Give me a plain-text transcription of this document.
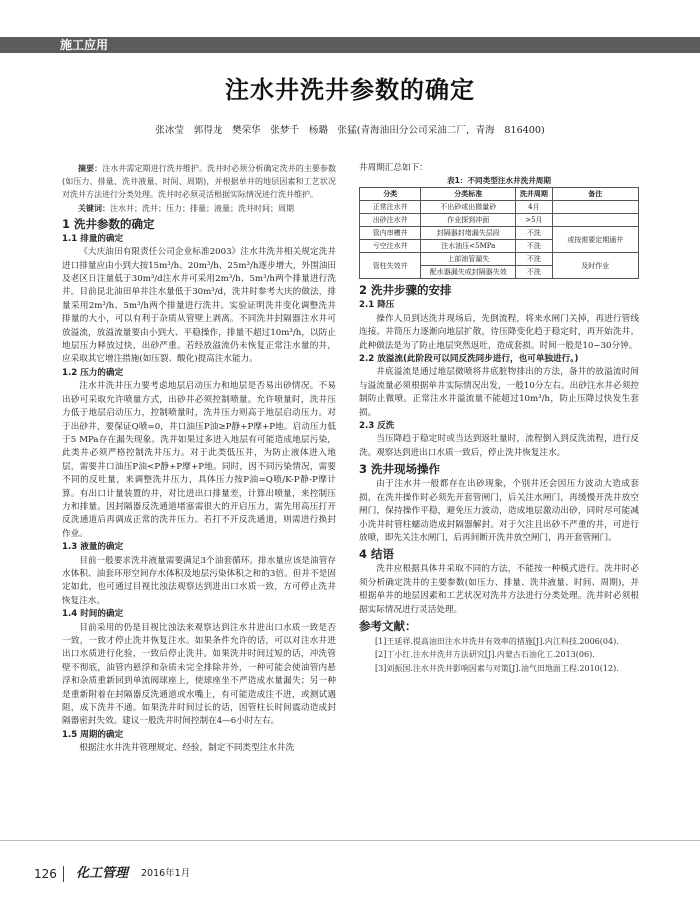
施工应用
注水井洗井参数的确定
张冰莹　郭得龙　樊荣华　张梦千　杨璐　张猛(青海油田分公司采油二厂，青海　816400)

摘要：注水井需定期进行洗井维护。洗井时必须分析确定洗井的主要参数(如压力、排量、洗井液量、时间、周期)，并根据单井的地层因素和工艺状况对洗井方法进行分类处理。洗井时必须灵活根据实际情况进行洗井维护。

关键词：注水井；洗井；压力；排量；液量；洗井时间；周期

1 洗井参数的确定
1.1 排量的确定

《大庆油田有限责任公司企业标准2003》注水井洗井相关规定洗井进口排量应由小到大按15m³/h、20m³/h、25m³/h逐步增大，外围油田及老区日注量低于30m³/d注水井可采用2m³/h、5m³/h两个排量进行洗井。目前昆北油田单井注水量低于30m³/d，洗井时参考大庆的做法，排量采用2m³/h、5m³/h两个排量进行洗井。实验证明洗井变化调整洗井排量的大小，可以有利于杂质从管壁上剥离。不同洗井封隔器注水井可放溢流，放溢流量要由小到大、平稳操作，排量不超过10m³/h，以防止地层压力释放过快，出砂严重。若经放溢流仍未恢复正常注水量的井，应采取其它增注措施(如压裂、酸化)提高注水能力。

1.2 压力的确定

注水井洗井压力要考虑地层启动压力和地层是否易出砂情况。不易出砂可采取允许喷量方式，出砂井必须控制喷量。允许喷量时，洗井压力低于地层启动压力，控制喷量时，洗井压力则高于地层启动压力。对于出砂井，要保证Q喷=0，井口油压P油≥P静+P摩+P地。启动压力低于5 MPa存在漏失现象。洗井如果过多进入地层有可能造成地层污染，此类井必须严格控制洗井压力。对于此类低压井，为防止液体进入地层，需要井口油压P油<P静+P摩+P地。同时，因不同污染情况，需要不同的反吐量，来调整洗井压力，具体压力按P油=Q喷/K-P静-P摩计算。有出口计量装置的井，对比进出口排量差，计算出喷量，来控制压力和排量。因封隔器反洗通道堵塞需很大的开启压力，需先用高压打开反洗通道后再调成正常的洗井压力。若打不开反洗通道，则需进行换封作业。

1.3 液量的确定

目前一般要求洗井液量需要满足3个油套循环。排水量应该是油管存水体积、油套环形空间存水体积及地层污染体积之和的3倍。但并不是固定如此，也可通过目视比浊法观察达到进出口水质一致，方可停止洗井恢复注水。

1.4 时间的确定

目前采用的仍是目视比浊法来观察达到注水井进出口水质一致是否一致，一致才停止洗井恢复注水。如果条件允许的话，可以对注水井进出口水质进行化验，一致后停止洗井。如果洗井时间过短的话，冲洗管壁不彻底，油管内悬浮和杂质未完全排除井外，一种可能会使油管内悬浮和杂质重新回到单流阀球座上，使球座坐不严造成水量漏失；另一种是重新附着在封隔器反洗通道或水嘴上，有可能造成注不进，或测试遇阻，成下洗井不通。如果洗井时间过长的话，因管柱长时间震动造成封隔器密封失效。建议一般洗井时间控制在4—6小时左右。

1.5 周期的确定

根据注水井洗井管理规定、经验，制定不同类型注水井洗

井周期汇总如下：

表1：不同类型注水井洗井周期
分类	分类标准	洗井周期	备注
正常注水井	不出砂或出微量砂	4月	
出砂注水井	作业探到冲面	>5月	
管内串槽井	封隔器封堵漏失层段	不洗	或按需要定期通井
亏空注水井	注水油压<5MPa	不洗	
管柱失效井	上部油管漏失	不洗	及时作业
	配水器漏失或封隔器失效	不洗	
2 洗井步骤的安排
2.1 降压

操作人员到达洗井现场后，先倒流程，将来水闸门关掉，再进行管线连接。井筒压力逐渐向地层扩散，待压降变化趋于稳定时，再开始洗井。此种做法是为了防止地层突然返吐，造成套损。时间一般是10~30分钟。

2.2 放溢流(此阶段可以同反洗同步进行，也可单独进行。)

井底溢流是通过地层微喷将井底脏物排出的方法，备井的放溢流时间与溢流量必须根据单井实际情况出发，一般10分左右。出砂注水井必须控制防止微喷。正常注水井溢流量不能超过10m³/h，防止压降过快发生套损。

2.3 反洗

当压降趋于稳定时或当达到返吐量时，流程倒入到反洗流程，进行反洗。观察达到进出口水质一致后，停止洗井恢复注水。

3 洗井现场操作

由于注水井一般都存在出砂现象，个别井还会因压力波动大造成套损，在洗井操作时必须先开套管闸门，后关注水闸门，再缓慢开洗井放空闸门，保持操作平稳，避免压力波动，造成地层激动出砂，同时尽可能减小洗井时管柱蠕动造成封隔器解封。对于欠注且出砂不严重的井，可进行放喷，即先关注水闸门，后再间断开洗井放空闸门，再开套管闸门。

4 结语

洗井应根据具体井采取不同的方法，不能按一种模式进行。洗井时必须分析确定洗井的主要参数(如压力、排量、洗井液量、时间、周期)，并根据单井的地层因素和工艺状况对洗井方法进行分类处理。洗井时必须根据实际情况进行灵活处理。

参考文献：

[1]王延祥.提高油田注水井洗井有效率的措施[J].内江科技.2006(04).

[2]丁小红.注水井洗井方法研究[J].内蒙古石油化工.2013(06).

[3]刘振国.注水井洗井影响因素与对策[J].油气田地面工程.2010(12).

126 化工管理 2016年1月
